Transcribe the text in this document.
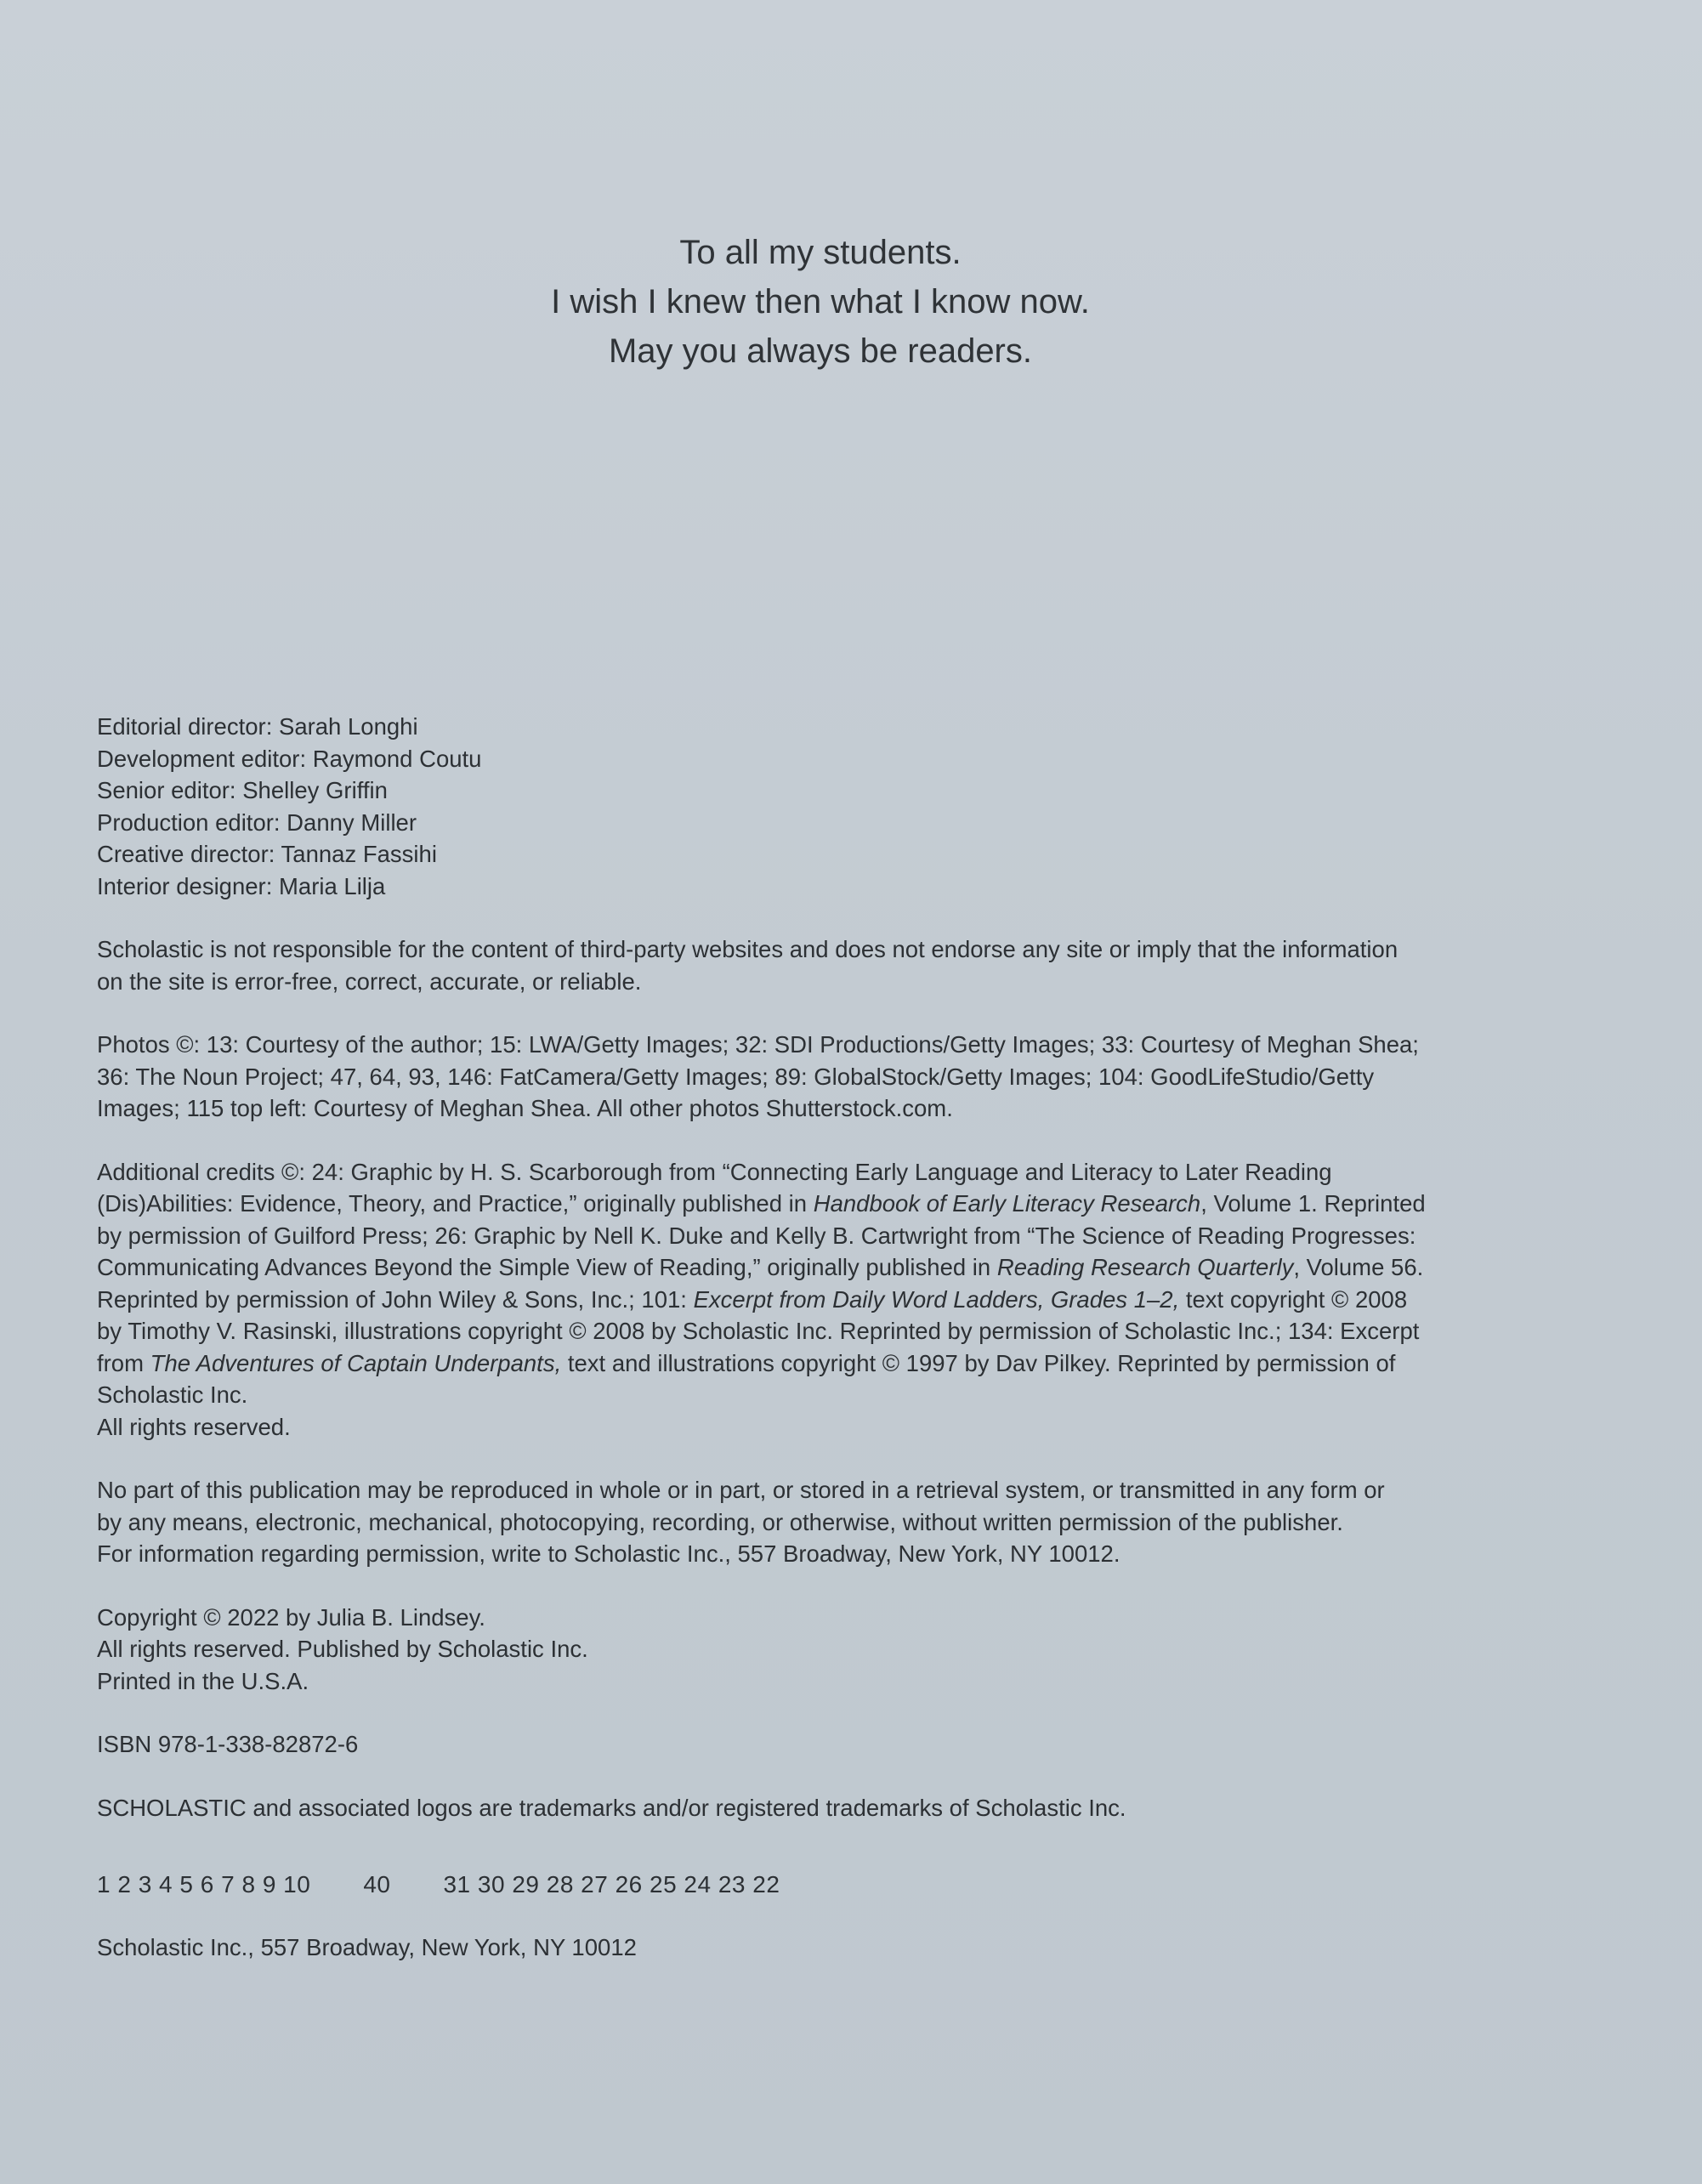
To all my students.
I wish I knew then what I know now.
May you always be readers.
Editorial director: Sarah Longhi
Development editor: Raymond Coutu
Senior editor: Shelley Griffin
Production editor: Danny Miller
Creative director: Tannaz Fassihi
Interior designer: Maria Lilja
Scholastic is not responsible for the content of third-party websites and does not endorse any site or imply that the information
on the site is error-free, correct, accurate, or reliable.
Photos ©: 13: Courtesy of the author; 15: LWA/Getty Images; 32: SDI Productions/Getty Images; 33: Courtesy of Meghan Shea;
36: The Noun Project; 47, 64, 93, 146: FatCamera/Getty Images; 89: GlobalStock/Getty Images; 104: GoodLifeStudio/Getty
Images; 115 top left: Courtesy of Meghan Shea. All other photos Shutterstock.com.
Additional credits ©: 24: Graphic by H. S. Scarborough from “Connecting Early Language and Literacy to Later Reading
(Dis)Abilities: Evidence, Theory, and Practice,” originally published in Handbook of Early Literacy Research, Volume 1. Reprinted
by permission of Guilford Press; 26: Graphic by Nell K. Duke and Kelly B. Cartwright from “The Science of Reading Progresses:
Communicating Advances Beyond the Simple View of Reading,” originally published in Reading Research Quarterly, Volume 56.
Reprinted by permission of John Wiley & Sons, Inc.; 101: Excerpt from Daily Word Ladders, Grades 1–2, text copyright © 2008
by Timothy V. Rasinski, illustrations copyright © 2008 by Scholastic Inc. Reprinted by permission of Scholastic Inc.; 134: Excerpt
from The Adventures of Captain Underpants, text and illustrations copyright © 1997 by Dav Pilkey. Reprinted by permission of
Scholastic Inc.
All rights reserved.
No part of this publication may be reproduced in whole or in part, or stored in a retrieval system, or transmitted in any form or
by any means, electronic, mechanical, photocopying, recording, or otherwise, without written permission of the publisher.
For information regarding permission, write to Scholastic Inc., 557 Broadway, New York, NY 10012.
Copyright © 2022 by Julia B. Lindsey.
All rights reserved. Published by Scholastic Inc.
Printed in the U.S.A.
ISBN 978-1-338-82872-6
SCHOLASTIC and associated logos are trademarks and/or registered trademarks of Scholastic Inc.
1 2 3 4 5 6 7 8 9 10 40 31 30 29 28 27 26 25 24 23 22
Scholastic Inc., 557 Broadway, New York, NY 10012
